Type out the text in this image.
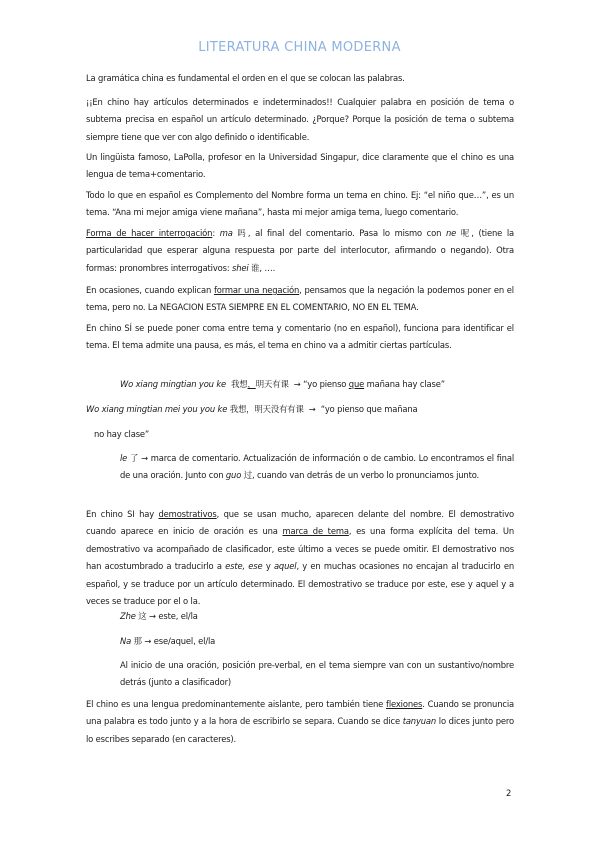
LITERATURA CHINA MODERNA
La gramática china es fundamental el orden en el que se colocan las palabras.
¡¡En chino hay artículos determinados e indeterminados!! Cualquier palabra en posición de tema o subtema precisa en español un artículo determinado. ¿Porque? Porque la posición de tema o subtema siempre tiene que ver con algo definido o identificable.
Un lingüista famoso, LaPolla, profesor en la Universidad Singapur, dice claramente que el chino es una lengua de tema+comentario.
Todo lo que en español es Complemento del Nombre forma un tema en chino. Ej: “el niño que…”, es un tema. “Ana mi mejor amiga viene mañana”, hasta mi mejor amiga tema, luego comentario.
Forma de hacer interrogación: ma 吗, al final del comentario. Pasa lo mismo con ne 呢, (tiene la particularidad que esperar alguna respuesta por parte del interlocutor, afirmando o negando). Otra formas: pronombres interrogativos: shei 谁, ….
En ocasiones, cuando explican formar una negación, pensamos que la negación la podemos poner en el tema, pero no. La NEGACION ESTA SIEMPRE EN EL COMENTARIO, NO EN EL TEMA.
En chino SÍ se puede poner coma entre tema y comentario (no en español), funciona para identificar el tema. El tema admite una pausa, es más, el tema en chino va a admitir ciertas partículas.
Wo xiang mingtian you ke 我想，明天有课 → “yo pienso que mañana hay clase”
Wo xiang mingtian mei you you ke 我想，明天没有有课 → “yo pienso que mañana
no hay clase”
le 了 → marca de comentario. Actualización de información o de cambio. Lo encontramos el final de una oración. Junto con guo 过, cuando van detrás de un verbo lo pronunciamos junto.
En chino SI hay demostrativos, que se usan mucho, aparecen delante del nombre. El demostrativo cuando aparece en inicio de oración es una marca de tema, es una forma explícita del tema. Un demostrativo va acompañado de clasificador, este último a veces se puede omitir. El demostrativo nos han acostumbrado a traducirlo a este, ese y aquel, y en muchas ocasiones no encajan al traducirlo en español, y se traduce por un artículo determinado. El demostrativo se traduce por este, ese y aquel y a veces se traduce por el o la.
Zhe 这 → este, el/la
Na 那 → ese/aquel, el/la
Al inicio de una oración, posición pre-verbal, en el tema siempre van con un sustantivo/nombre detrás (junto a clasificador)
El chino es una lengua predominantemente aislante, pero también tiene flexiones. Cuando se pronuncia una palabra es todo junto y a la hora de escribirlo se separa. Cuando se dice tanyuan lo dices junto pero lo escribes separado (en caracteres).
2
